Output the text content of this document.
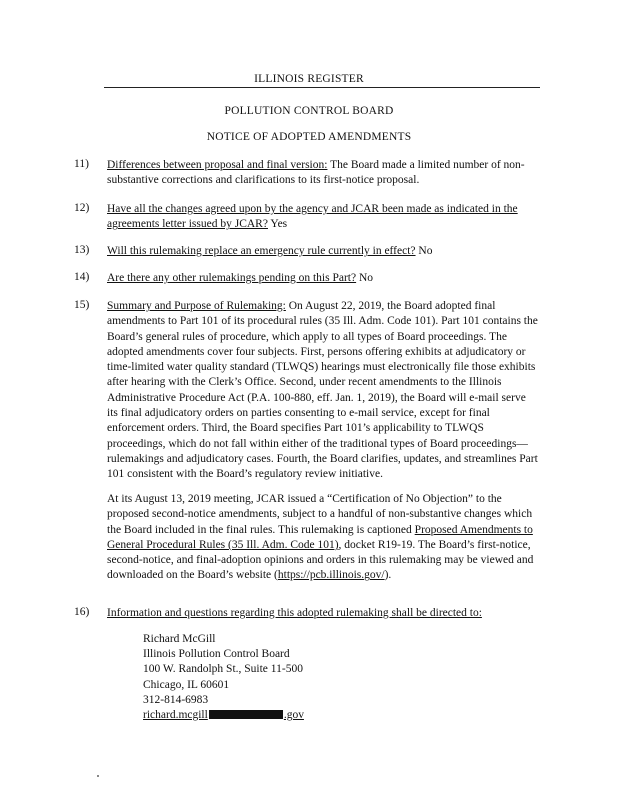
ILLINOIS REGISTER
POLLUTION CONTROL BOARD
NOTICE OF ADOPTED AMENDMENTS
11) Differences between proposal and final version: The Board made a limited number of non-substantive corrections and clarifications to its first-notice proposal.

12) Have all the changes agreed upon by the agency and JCAR been made as indicated in the agreements letter issued by JCAR? Yes

13) Will this rulemaking replace an emergency rule currently in effect? No

14) Are there any other rulemakings pending on this Part? No

15) Summary and Purpose of Rulemaking: On August 22, 2019, the Board adopted final amendments to Part 101 of its procedural rules (35 Ill. Adm. Code 101). Part 101 contains the Board’s general rules of procedure, which apply to all types of Board proceedings. The adopted amendments cover four subjects. First, persons offering exhibits at adjudicatory or time-limited water quality standard (TLWQS) hearings must electronically file those exhibits after hearing with the Clerk’s Office. Second, under recent amendments to the Illinois Administrative Procedure Act (P.A. 100-880, eff. Jan. 1, 2019), the Board will e-mail serve its final adjudicatory orders on parties consenting to e-mail service, except for final enforcement orders. Third, the Board specifies Part 101’s applicability to TLWQS proceedings, which do not fall within either of the traditional types of Board proceedings—rulemakings and adjudicatory cases. Fourth, the Board clarifies, updates, and streamlines Part 101 consistent with the Board’s regulatory review initiative.

At its August 13, 2019 meeting, JCAR issued a “Certification of No Objection” to the proposed second-notice amendments, subject to a handful of non-substantive changes which the Board included in the final rules. This rulemaking is captioned Proposed Amendments to General Procedural Rules (35 Ill. Adm. Code 101), docket R19-19. The Board’s first-notice, second-notice, and final-adoption opinions and orders in this rulemaking may be viewed and downloaded on the Board’s website (https://pcb.illinois.gov/).

16) Information and questions regarding this adopted rulemaking shall be directed to:

Richard McGill
Illinois Pollution Control Board
100 W. Randolph St., Suite 11-500
Chicago, IL 60601
312-814-6983
richard.mcgill	.gov
